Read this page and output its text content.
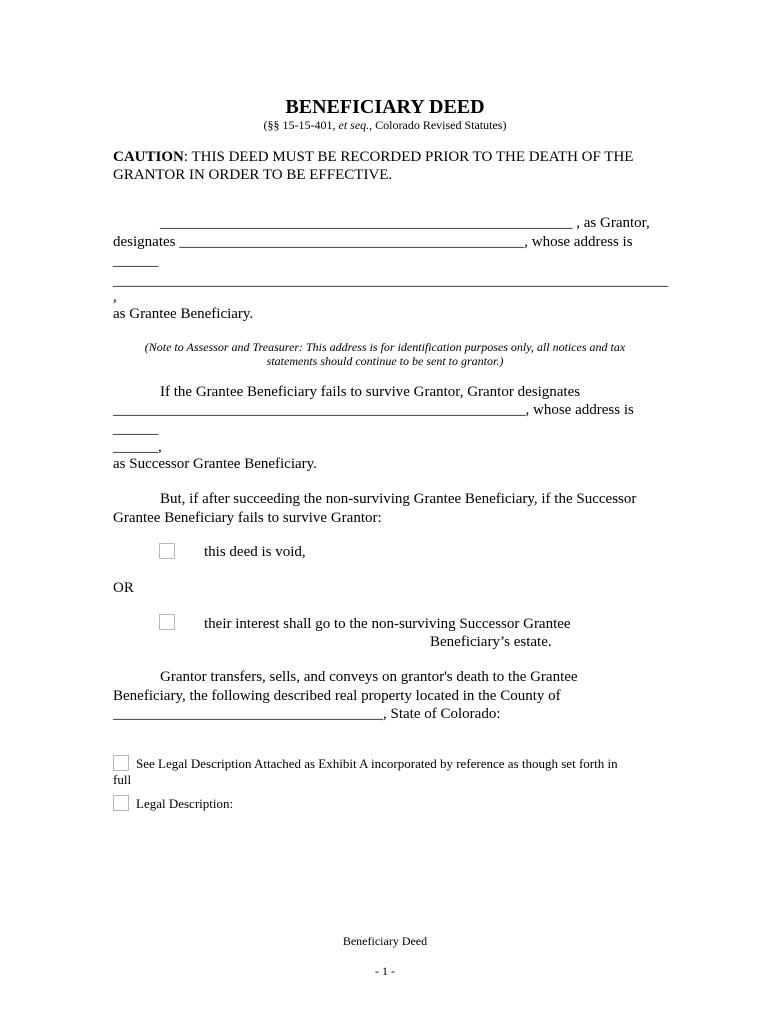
BENEFICIARY DEED
(§§ 15-15-401, et seq., Colorado Revised Statutes)
CAUTION: THIS DEED MUST BE RECORDED PRIOR TO THE DEATH OF THE
GRANTOR IN ORDER TO BE EFFECTIVE.
_______________________________________________________ , as Grantor,
designates ______________________________________________, whose address is
______
__________________________________________________________________________
,
as Grantee Beneficiary.
(Note to Assessor and Treasurer: This address is for identification purposes only, all notices and tax
statements should continue to be sent to grantor.)
If the Grantee Beneficiary fails to survive Grantor, Grantor designates
_______________________________________________________, whose address is
______
______,
as Successor Grantee Beneficiary.
But, if after succeeding the non-surviving Grantee Beneficiary, if the Successor
Grantee Beneficiary fails to survive Grantor:
this deed is void,
OR
their interest shall go to the non-surviving Successor Grantee
Beneficiary’s estate.
Grantor transfers, sells, and conveys on grantor's death to the Grantee
Beneficiary, the following described real property located in the County of
____________________________________, State of Colorado:
See Legal Description Attached as Exhibit A incorporated by reference as though set forth in
full
Legal Description:
Beneficiary Deed
- 1 -
